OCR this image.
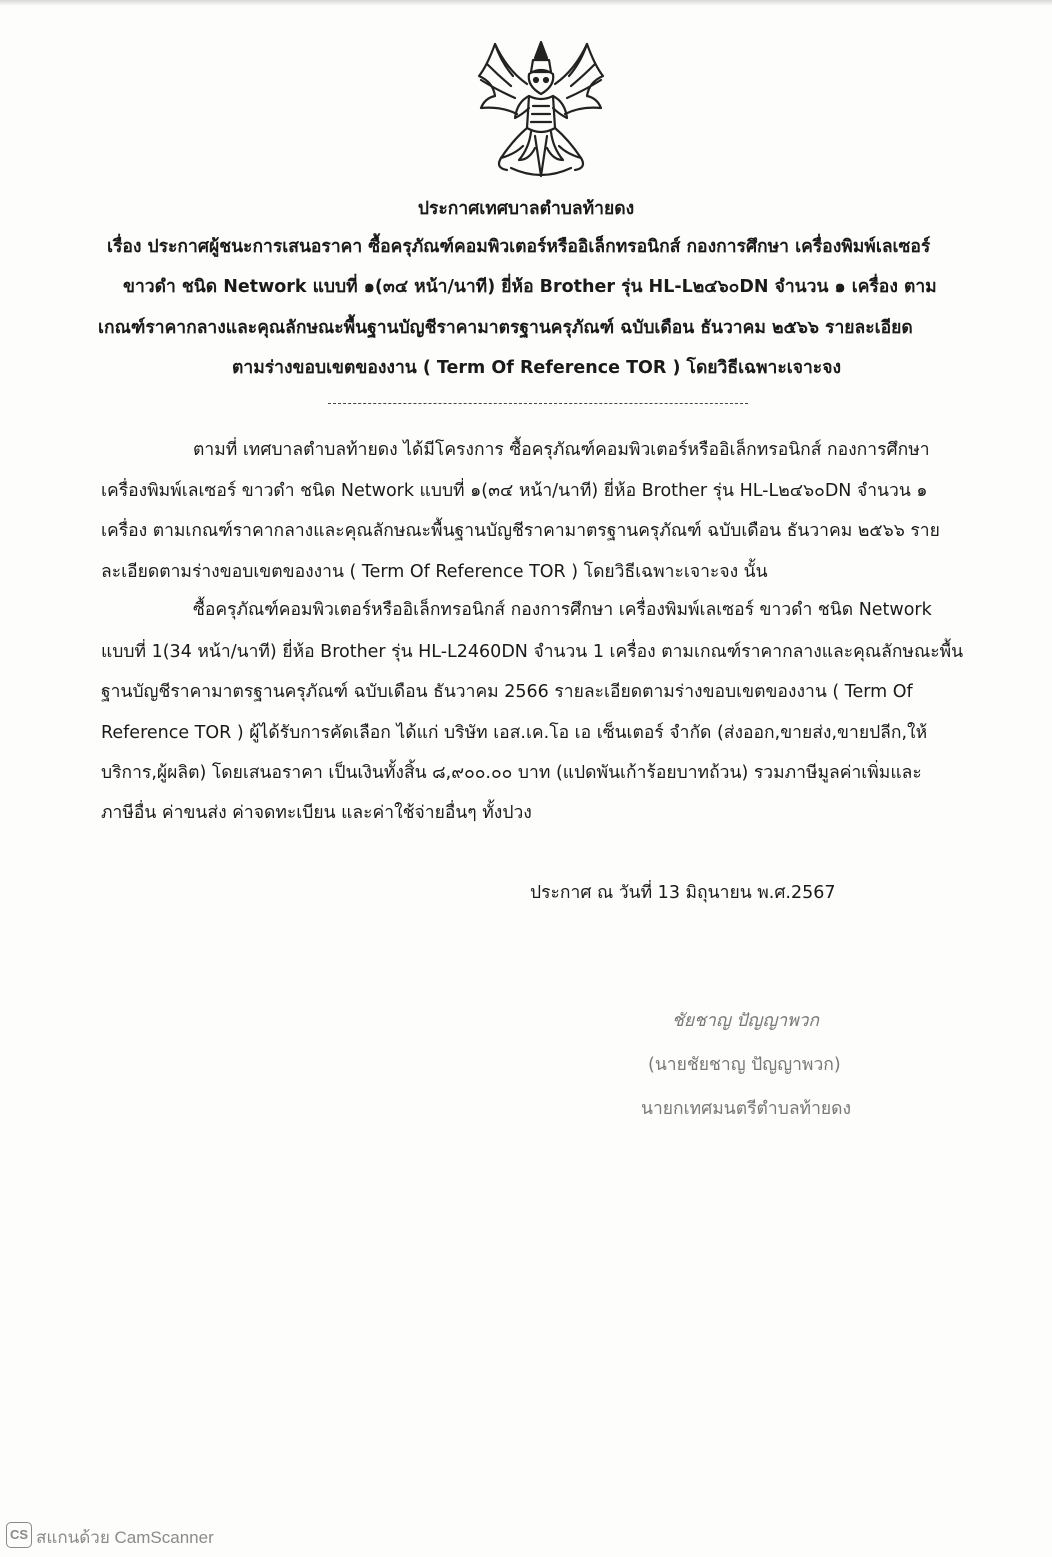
ประกาศเทศบาลตำบลท้ายดง
เรื่อง ประกาศผู้ชนะการเสนอราคา ซื้อครุภัณฑ์คอมพิวเตอร์หรืออิเล็กทรอนิกส์ กองการศึกษา เครื่องพิมพ์เลเซอร์
ขาวดำ ชนิด Network แบบที่ ๑(๓๔ หน้า/นาที) ยี่ห้อ Brother รุ่น HL-L๒๔๖๐DN จำนวน ๑ เครื่อง ตาม
เกณฑ์ราคากลางและคุณลักษณะพื้นฐานบัญชีราคามาตรฐานครุภัณฑ์ ฉบับเดือน ธันวาคม ๒๕๖๖ รายละเอียด
ตามร่างขอบเขตของงาน ( Term Of Reference TOR ) โดยวิธีเฉพาะเจาะจง
ตามที่ เทศบาลตำบลท้ายดง ได้มีโครงการ ซื้อครุภัณฑ์คอมพิวเตอร์หรืออิเล็กทรอนิกส์ กองการศึกษา
เครื่องพิมพ์เลเซอร์ ขาวดำ ชนิด Network แบบที่ ๑(๓๔ หน้า/นาที) ยี่ห้อ Brother รุ่น HL-L๒๔๖๐DN จำนวน ๑
เครื่อง ตามเกณฑ์ราคากลางและคุณลักษณะพื้นฐานบัญชีราคามาตรฐานครุภัณฑ์ ฉบับเดือน ธันวาคม ๒๕๖๖ ราย
ละเอียดตามร่างขอบเขตของงาน ( Term Of Reference TOR ) โดยวิธีเฉพาะเจาะจง นั้น
ซื้อครุภัณฑ์คอมพิวเตอร์หรืออิเล็กทรอนิกส์ กองการศึกษา เครื่องพิมพ์เลเซอร์ ขาวดำ ชนิด Network
แบบที่ 1(34 หน้า/นาที) ยี่ห้อ Brother รุ่น HL-L2460DN จำนวน 1 เครื่อง ตามเกณฑ์ราคากลางและคุณลักษณะพื้น
ฐานบัญชีราคามาตรฐานครุภัณฑ์ ฉบับเดือน ธันวาคม 2566 รายละเอียดตามร่างขอบเขตของงาน ( Term Of
Reference TOR ) ผู้ได้รับการคัดเลือก ได้แก่ บริษัท เอส.เค.โอ เอ เซ็นเตอร์ จำกัด (ส่งออก,ขายส่ง,ขายปลีก,ให้
บริการ,ผู้ผลิต) โดยเสนอราคา เป็นเงินทั้งสิ้น ๘,๙๐๐.๐๐ บาท (แปดพันเก้าร้อยบาทถ้วน) รวมภาษีมูลค่าเพิ่มและ
ภาษีอื่น ค่าขนส่ง ค่าจดทะเบียน และค่าใช้จ่ายอื่นๆ ทั้งปวง
ประกาศ ณ วันที่ 13 มิถุนายน พ.ศ.2567
ชัยชาญ ปัญญาพวก
(นายชัยชาญ ปัญญาพวก)
นายกเทศมนตรีตำบลท้ายดง
CS สแกนด้วย CamScanner
